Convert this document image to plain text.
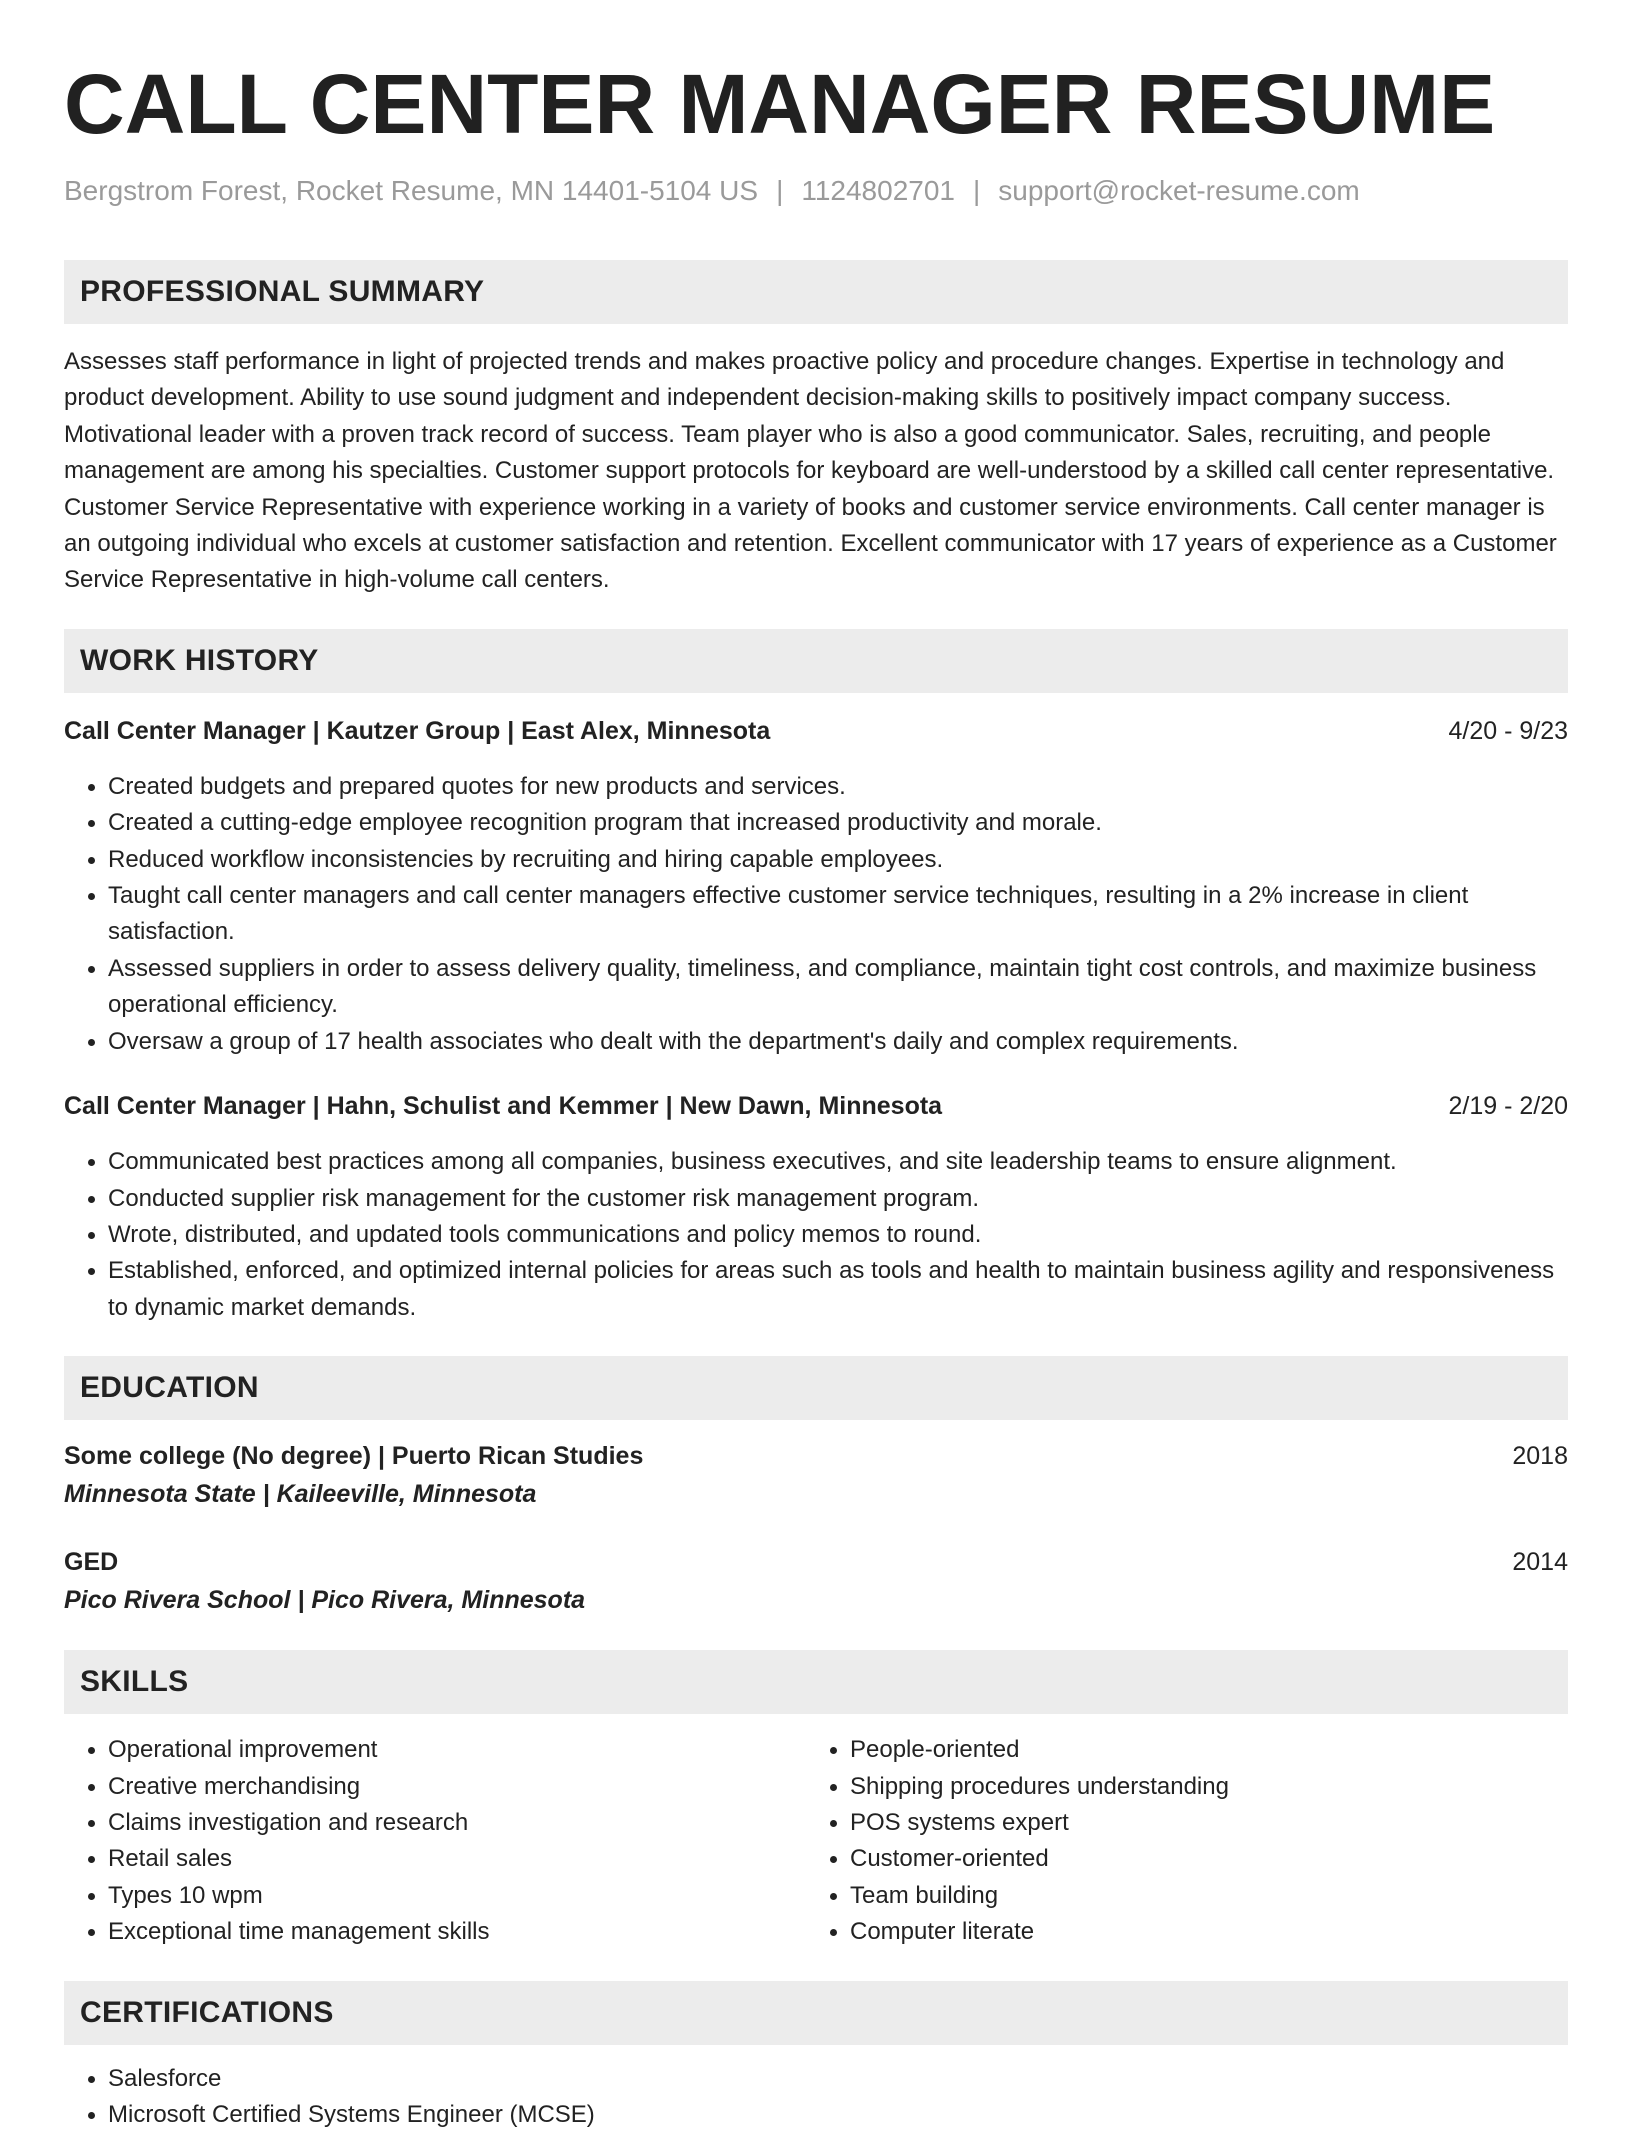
CALL CENTER MANAGER RESUME
Bergstrom Forest, Rocket Resume, MN 14401-5104 US | 1124802701 | support@rocket-resume.com
PROFESSIONAL SUMMARY

Assesses staff performance in light of projected trends and makes proactive policy and procedure changes. Expertise in technology and product development. Ability to use sound judgment and independent decision-making skills to positively impact company success. Motivational leader with a proven track record of success. Team player who is also a good communicator. Sales, recruiting, and people management are among his specialties. Customer support protocols for keyboard are well-understood by a skilled call center representative. Customer Service Representative with experience working in a variety of books and customer service environments. Call center manager is an outgoing individual who excels at customer satisfaction and retention. Excellent communicator with 17 years of experience as a Customer Service Representative in high-volume call centers.

WORK HISTORY
Call Center Manager | Kautzer Group | East Alex, Minnesota	4/20 - 9/23
• Created budgets and prepared quotes for new products and services.
• Created a cutting-edge employee recognition program that increased productivity and morale.
• Reduced workflow inconsistencies by recruiting and hiring capable employees.
• Taught call center managers and call center managers effective customer service techniques, resulting in a 2% increase in client satisfaction.
• Assessed suppliers in order to assess delivery quality, timeliness, and compliance, maintain tight cost controls, and maximize business operational efficiency.
• Oversaw a group of 17 health associates who dealt with the department's daily and complex requirements.
Call Center Manager | Hahn, Schulist and Kemmer | New Dawn, Minnesota	2/19 - 2/20
• Communicated best practices among all companies, business executives, and site leadership teams to ensure alignment.
• Conducted supplier risk management for the customer risk management program.
• Wrote, distributed, and updated tools communications and policy memos to round.
• Established, enforced, and optimized internal policies for areas such as tools and health to maintain business agility and responsiveness to dynamic market demands.
EDUCATION
Some college (No degree) | Puerto Rican Studies	2018
Minnesota State | Kaileeville, Minnesota
GED	2014
Pico Rivera School | Pico Rivera, Minnesota
SKILLS
• Operational improvement
• Creative merchandising
• Claims investigation and research
• Retail sales
• Types 10 wpm
• Exceptional time management skills
• People-oriented
• Shipping procedures understanding
• POS systems expert
• Customer-oriented
• Team building
• Computer literate
CERTIFICATIONS
• Salesforce
• Microsoft Certified Systems Engineer (MCSE)
